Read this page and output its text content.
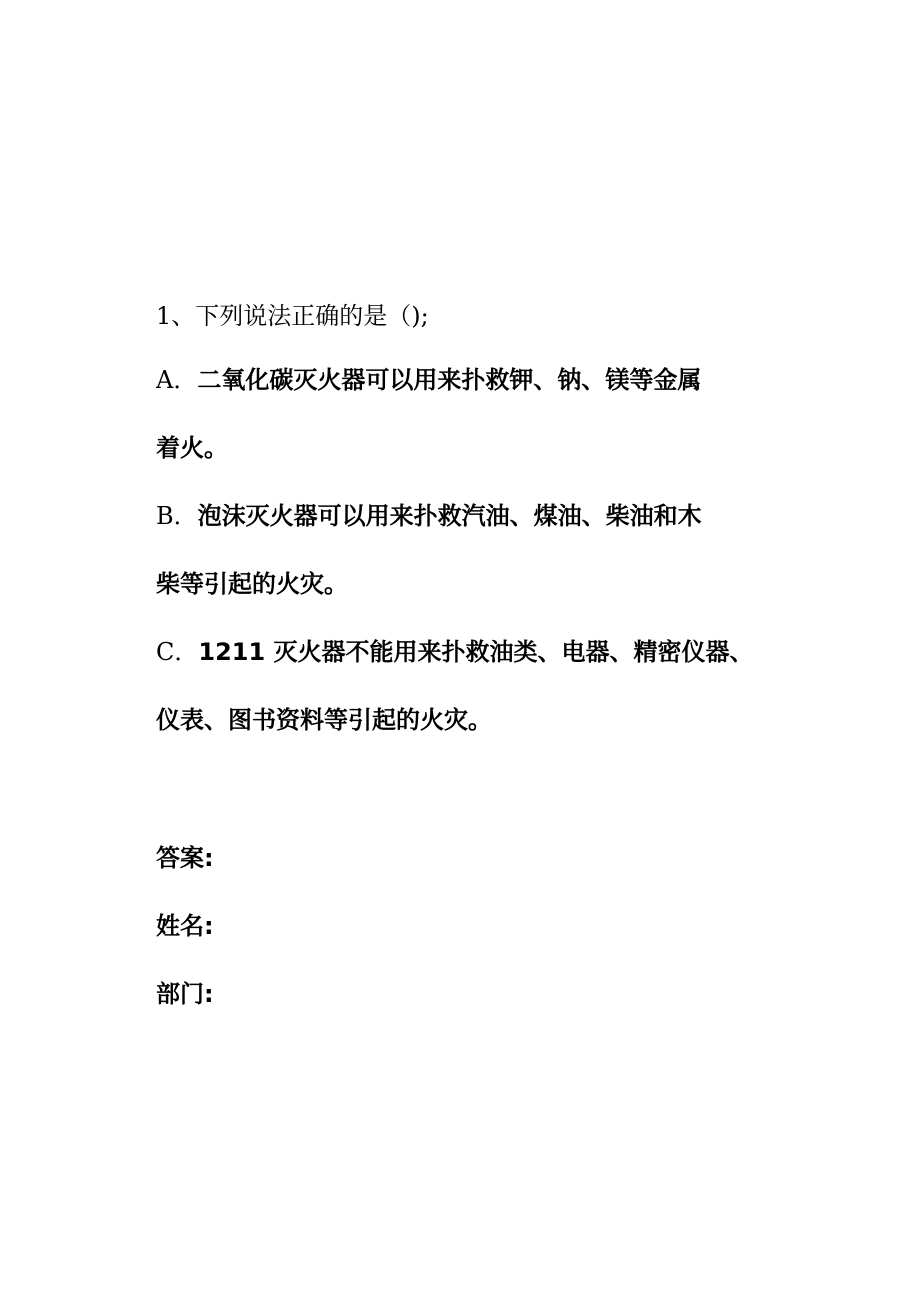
1、下列说法正确的是（);
A．二氧化碳灭火器可以用来扑救钾、钠、镁等金属
着火。
B．泡沫灭火器可以用来扑救汽油、煤油、柴油和木
柴等引起的火灾。
C．1211 灭火器不能用来扑救油类、电器、精密仪器、
仪表、图书资料等引起的火灾。
答案:
姓名:
部门:
